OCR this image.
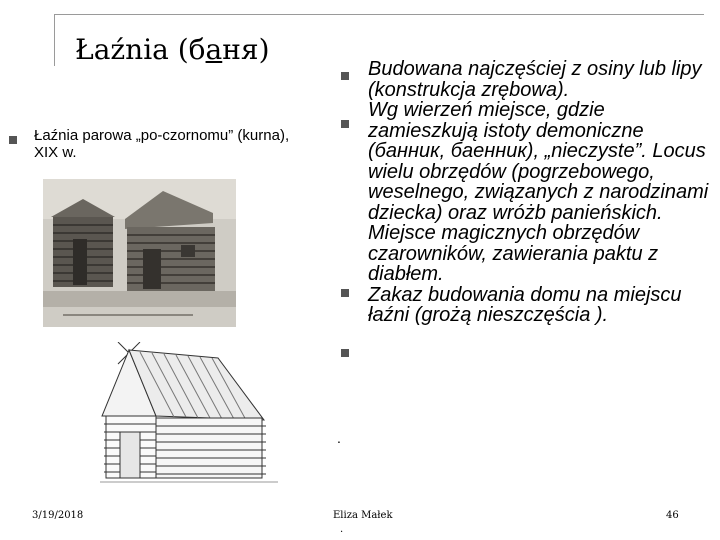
Łaźnia (баня)
Łaźnia parowa „po-czornomu” (kurna), XIX w.

Budowana najczęściej z osiny lub lipy (konstrukcja zrębowa).

Wg wierzeń miejsce, gdzie zamieszkują istoty demoniczne (банник, баенник), „nieczyste”. Locus wielu obrzędów (pogrzebowego, weselnego, związanych z narodzinami dziecka) oraz wróżb panieńskich.

Miejsce magicznych obrzędów czarowników, zawierania paktu z diabłem.

Zakaz budowania domu na miejscu łaźni (grożą nieszczęścia ).

.
3/19/2018	Eliza Małek
.
46
